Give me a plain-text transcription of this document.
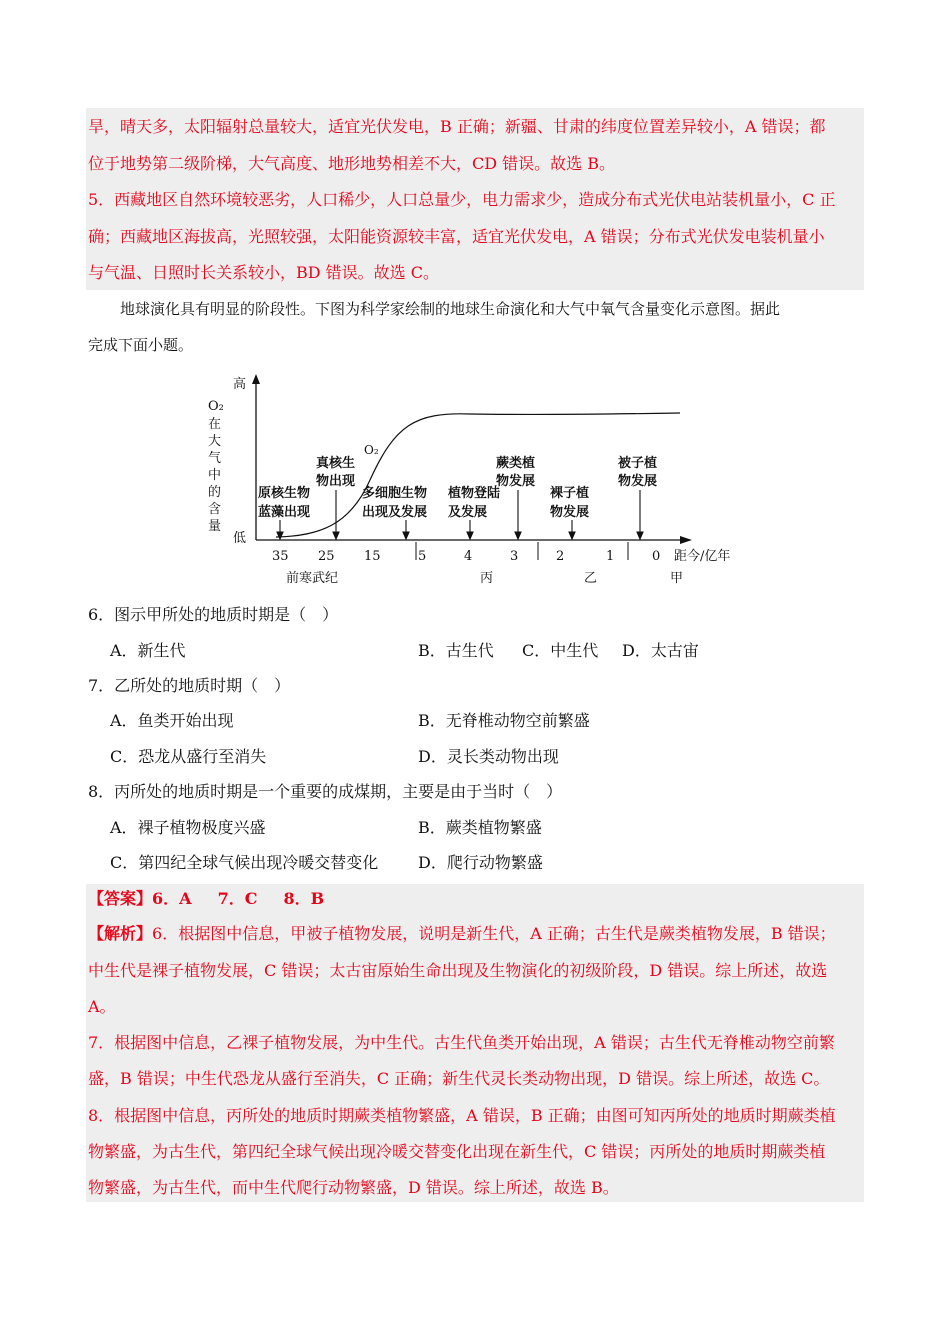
旱，晴天多，太阳辐射总量较大，适宜光伏发电，B 正确；新疆、甘肃的纬度位置差异较小，A 错误；都
位于地势第二级阶梯，大气高度、地形地势相差不大，CD 错误。故选 B。
5．西藏地区自然环境较恶劣，人口稀少，人口总量少，电力需求少，造成分布式光伏电站装机量小，C 正
确；西藏地区海拔高，光照较强，太阳能资源较丰富，适宜光伏发电，A 错误；分布式光伏发电装机量小
与气温、日照时长关系较小，BD 错误。故选 C。
地球演化具有明显的阶段性。下图为科学家绘制的地球生命演化和大气中氧气含量变化示意图。据此
完成下面小题。
高
低
O₂
在
大
气
中
的
含
量
O₂
原核生物
蓝藻出现
真核生
物出现
多细胞生物
出现及发展
植物登陆
及发展
蕨类植
物发展
裸子植
物发展
被子植
物发展
35 25 15	5	4	3	2	1	0 距今/亿年
前寒武纪	丙	乙	甲
6．图示甲所处的地质时期是（　）
A．新生代	B．古生代 C．中生代 D．太古宙
7．乙所处的地质时期（　）
A．鱼类开始出现	B．无脊椎动物空前繁盛
C．恐龙从盛行至消失	D．灵长类动物出现
8．丙所处的地质时期是一个重要的成煤期，主要是由于当时（　）
A．裸子植物极度兴盛	B．蕨类植物繁盛
C．第四纪全球气候出现冷暖交替变化 D．爬行动物繁盛
【答案】6．A 7．C 8．B
【解析】6．根据图中信息，甲被子植物发展，说明是新生代，A 正确；古生代是蕨类植物发展，B 错误；
中生代是裸子植物发展，C 错误；太古宙原始生命出现及生物演化的初级阶段，D 错误。综上所述，故选
A。
7．根据图中信息，乙裸子植物发展，为中生代。古生代鱼类开始出现，A 错误；古生代无脊椎动物空前繁
盛，B 错误；中生代恐龙从盛行至消失，C 正确；新生代灵长类动物出现，D 错误。综上所述，故选 C。
8．根据图中信息，丙所处的地质时期蕨类植物繁盛，A 错误，B 正确；由图可知丙所处的地质时期蕨类植
物繁盛，为古生代，第四纪全球气候出现冷暖交替变化出现在新生代，C 错误；丙所处的地质时期蕨类植
物繁盛，为古生代，而中生代爬行动物繁盛，D 错误。综上所述，故选 B。
